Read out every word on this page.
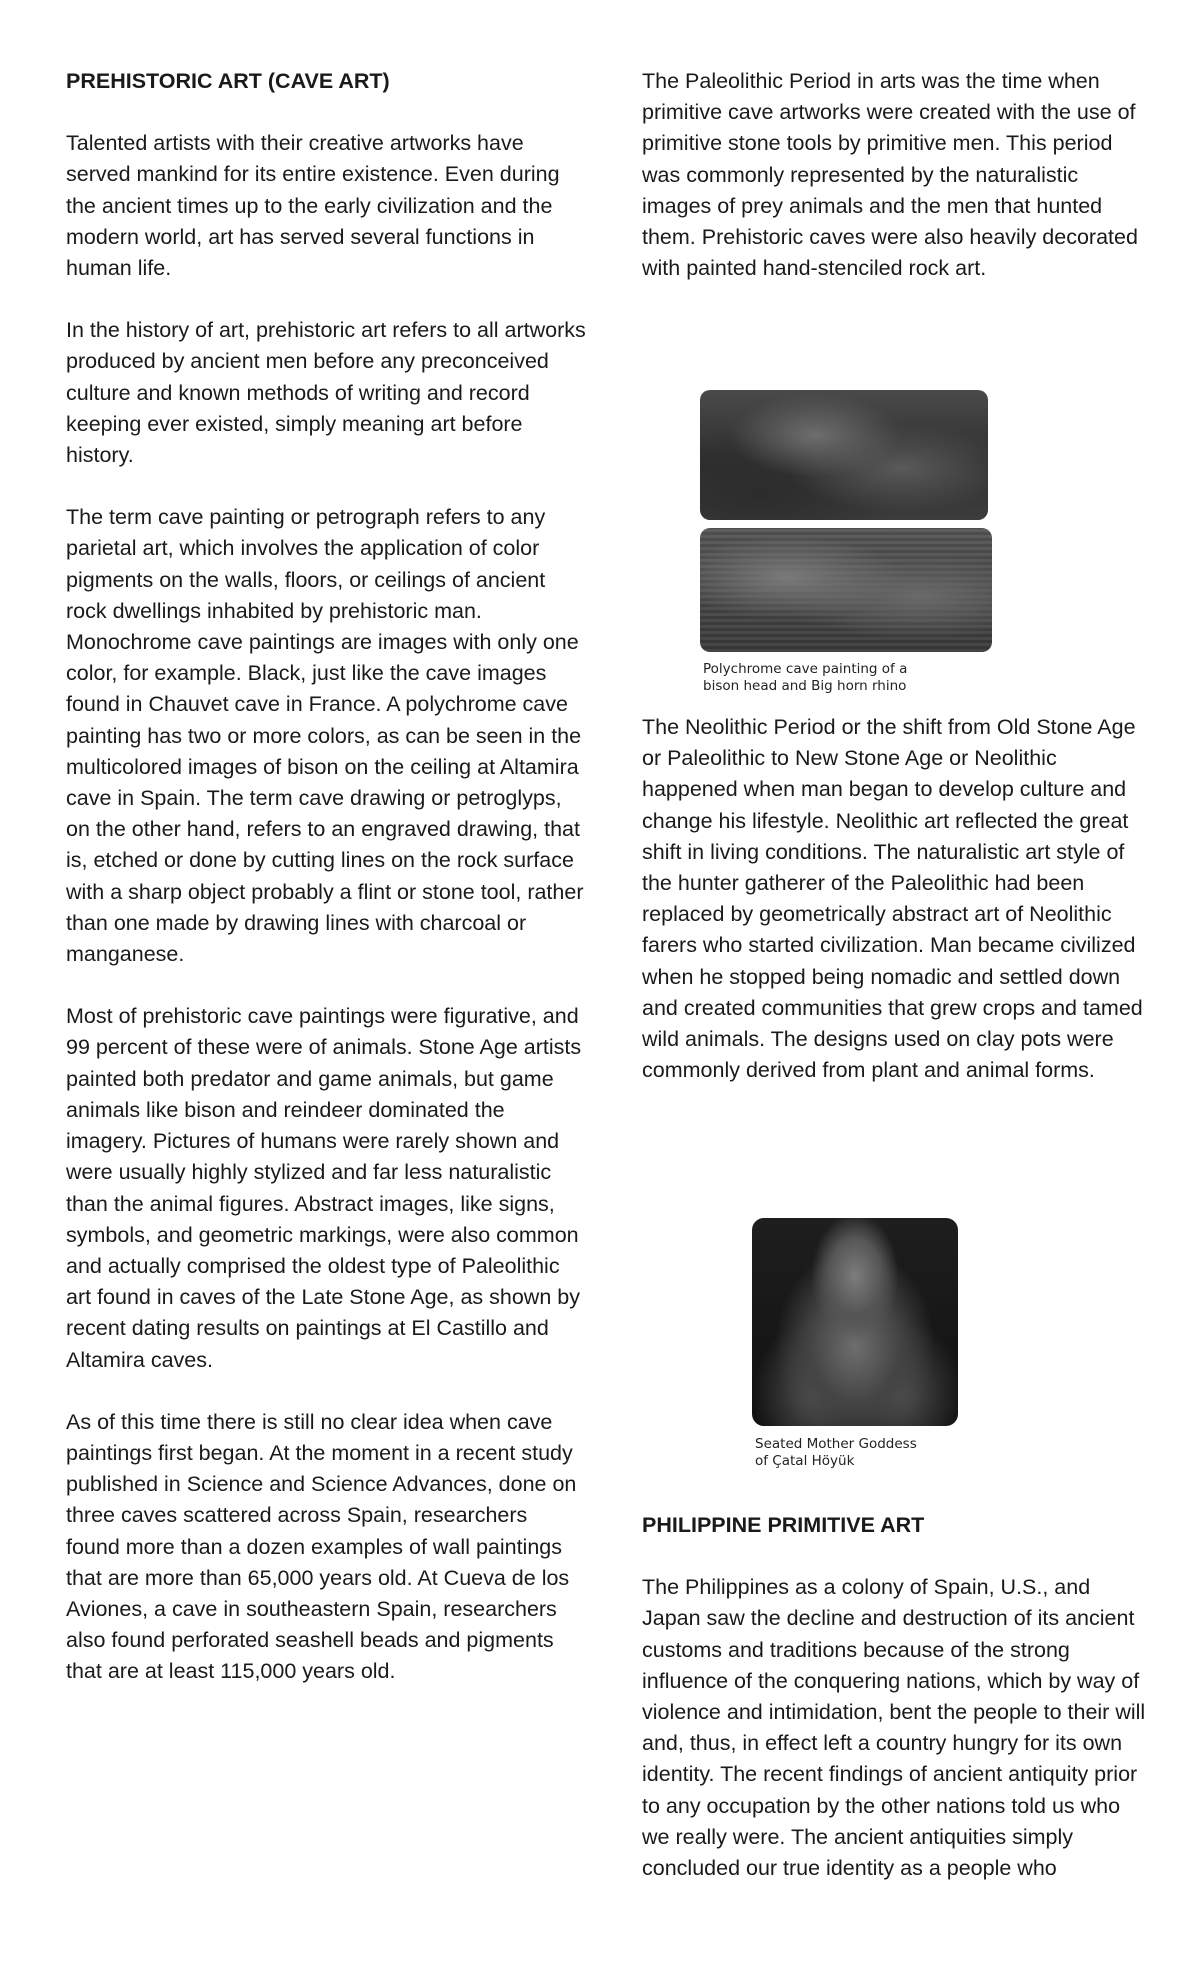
PREHISTORIC ART (CAVE ART)

Talented artists with their creative artworks have served mankind for its entire existence. Even during the ancient times up to the early civilization and the modern world, art has served several functions in human life.

In the history of art, prehistoric art refers to all artworks produced by ancient men before any preconceived culture and known methods of writing and record keeping ever existed, simply meaning art before history.

The term cave painting or petrograph refers to any parietal art, which involves the application of color pigments on the walls, floors, or ceilings of ancient rock dwellings inhabited by prehistoric man. Monochrome cave paintings are images with only one color, for example. Black, just like the cave images found in Chauvet cave in France. A polychrome cave painting has two or more colors, as can be seen in the multicolored images of bison on the ceiling at Altamira cave in Spain. The term cave drawing or petroglyps, on the other hand, refers to an engraved drawing, that is, etched or done by cutting lines on the rock surface with a sharp object probably a flint or stone tool, rather than one made by drawing lines with charcoal or manganese.

Most of prehistoric cave paintings were figurative, and 99 percent of these were of animals. Stone Age artists painted both predator and game animals, but game animals like bison and reindeer dominated the imagery. Pictures of humans were rarely shown and were usually highly stylized and far less naturalistic than the animal figures. Abstract images, like signs, symbols, and geometric markings, were also common and actually comprised the oldest type of Paleolithic art found in caves of the Late Stone Age, as shown by recent dating results on paintings at El Castillo and Altamira caves.

As of this time there is still no clear idea when cave paintings first began. At the moment in a recent study published in Science and Science Advances, done on three caves scattered across Spain, researchers found more than a dozen examples of wall paintings that are more than 65,000 years old. At Cueva de los Aviones, a cave in southeastern Spain, researchers also found perforated seashell beads and pigments that are at least 115,000 years old.

The Paleolithic Period in arts was the time when primitive cave artworks were created with the use of primitive stone tools by primitive men. This period was commonly represented by the naturalistic images of prey animals and the men that hunted them. Prehistoric caves were also heavily decorated with painted hand-stenciled rock art.

Polychrome cave painting of a
bison head and Big horn rhino

The Neolithic Period or the shift from Old Stone Age or Paleolithic to New Stone Age or Neolithic happened when man began to develop culture and change his lifestyle. Neolithic art reflected the great shift in living conditions. The naturalistic art style of the hunter gatherer of the Paleolithic had been replaced by geometrically abstract art of Neolithic farers who started civilization. Man became civilized when he stopped being nomadic and settled down and created communities that grew crops and tamed wild animals. The designs used on clay pots were commonly derived from plant and animal forms.

Seated Mother Goddess
of Çatal Höyük
PHILIPPINE PRIMITIVE ART

The Philippines as a colony of Spain, U.S., and Japan saw the decline and destruction of its ancient customs and traditions because of the strong influence of the conquering nations, which by way of violence and intimidation, bent the people to their will and, thus, in effect left a country hungry for its own identity. The recent findings of ancient antiquity prior to any occupation by the other nations told us who we really were. The ancient antiquities simply concluded our true identity as a people who
